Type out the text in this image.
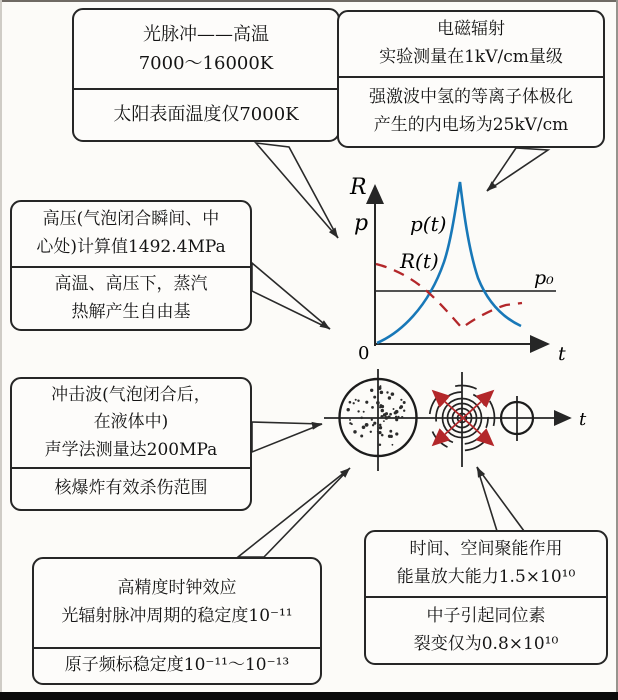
R
p p(t)
R(t)
p₀
0	t
t
光脉冲——高温
7000～16000K
太阳表面温度仅7000K
电磁辐射
实验测量在1kV/cm量级
强激波中氢的等离子体极化
产生的内电场为25kV/cm
高压(气泡闭合瞬间、中
心处)计算值1492.4MPa
高温、高压下，蒸汽
热解产生自由基
冲击波(气泡闭合后，
在液体中)
声学法测量达200MPa
核爆炸有效杀伤范围
高精度时钟效应
光辐射脉冲周期的稳定度10⁻¹¹
原子频标稳定度10⁻¹¹～10⁻¹³
时间、空间聚能作用
能量放大能力1.5×10¹⁰
中子引起同位素
裂变仅为0.8×10¹⁰
